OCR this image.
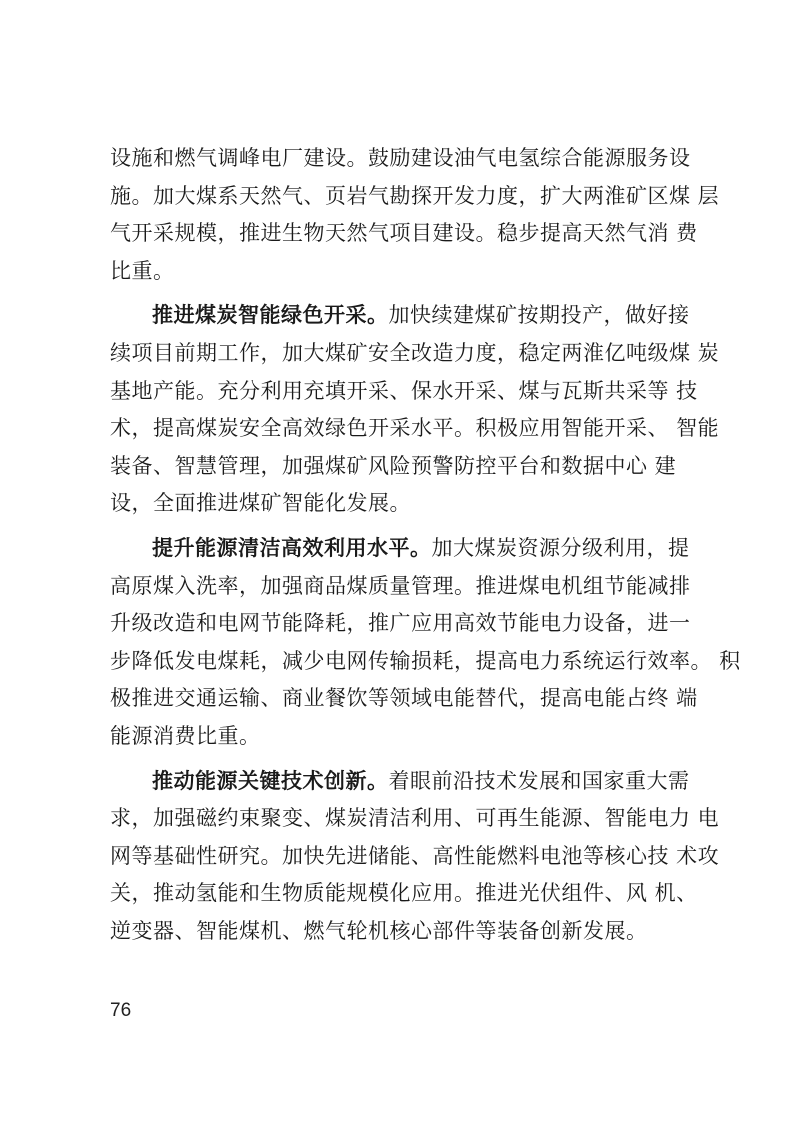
设施和燃气调峰电厂建设。鼓励建设油气电氢综合能源服务设
施。加大煤系天然气、页岩气勘探开发力度，扩大两淮矿区煤 层
气开采规模，推进生物天然气项目建设。稳步提高天然气消 费
比重。
推进煤炭智能绿色开采。加快续建煤矿按期投产，做好接
续项目前期工作，加大煤矿安全改造力度，稳定两淮亿吨级煤 炭
基地产能。充分利用充填开采、保水开采、煤与瓦斯共采等 技
术，提高煤炭安全高效绿色开采水平。积极应用智能开采、 智能
装备、智慧管理，加强煤矿风险预警防控平台和数据中心 建
设，全面推进煤矿智能化发展。
提升能源清洁高效利用水平。加大煤炭资源分级利用，提
高原煤入洗率，加强商品煤质量管理。推进煤电机组节能减排
升级改造和电网节能降耗，推广应用高效节能电力设备，进一
步降低发电煤耗，减少电网传输损耗，提高电力系统运行效率。 积
极推进交通运输、商业餐饮等领域电能替代，提高电能占终 端
能源消费比重。
推动能源关键技术创新。着眼前沿技术发展和国家重大需
求，加强磁约束聚变、煤炭清洁利用、可再生能源、智能电力 电
网等基础性研究。加快先进储能、高性能燃料电池等核心技 术攻
关，推动氢能和生物质能规模化应用。推进光伏组件、风 机、
逆变器、智能煤机、燃气轮机核心部件等装备创新发展。
76
